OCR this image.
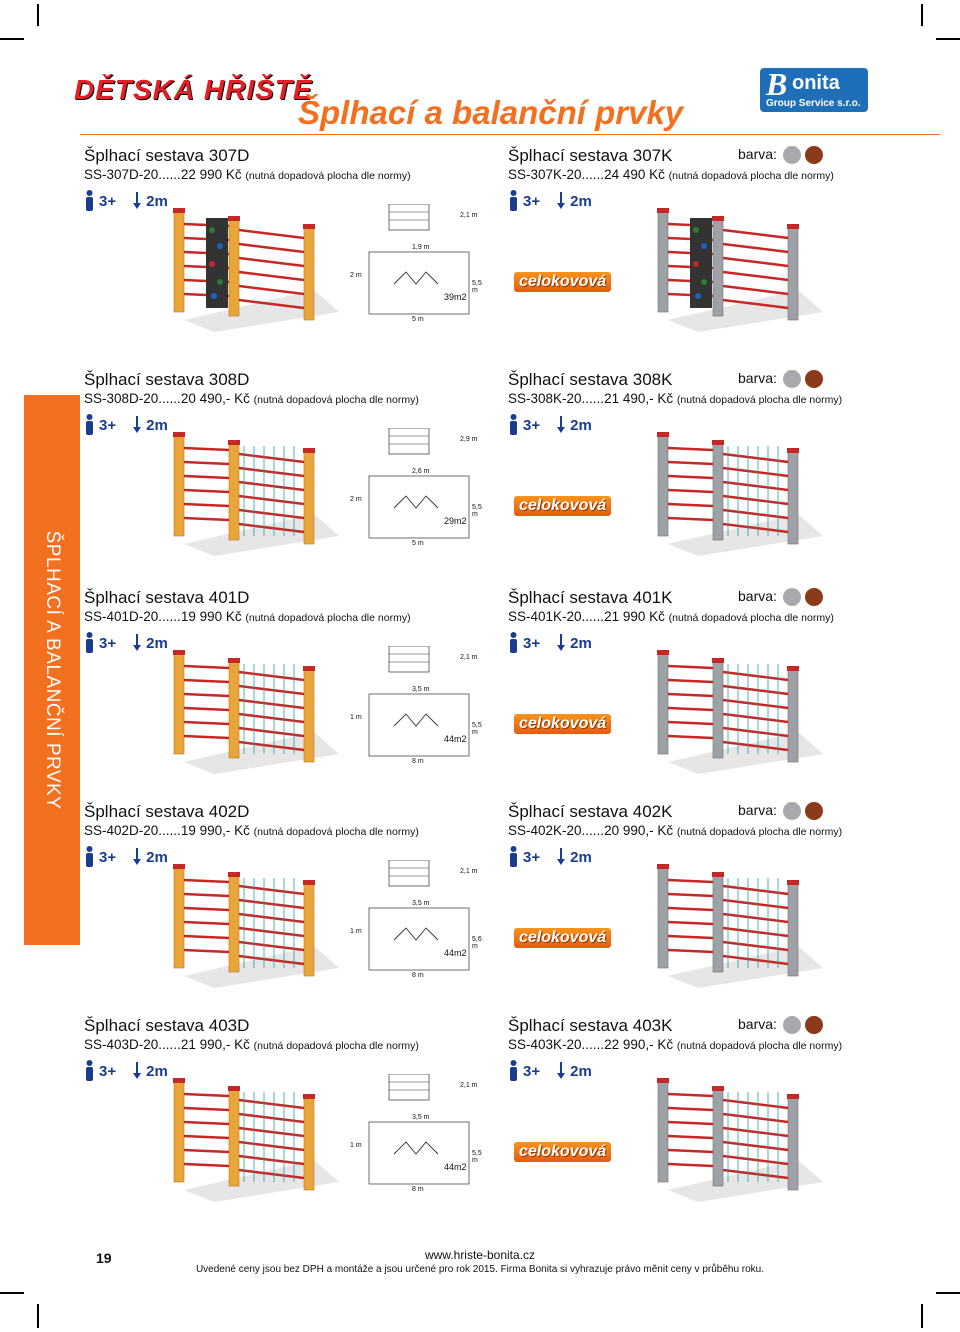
DĚTSKÁ HŘIŠTĚ
Šplhací a balanční prvky
B onita
Group Service s.r.o.
ŠPLHACÍ A BALANČNÍ PRVKY
Šplhací sestava 307D
SS-307D-20......22 990 Kč (nutná dopadová plocha dle normy)
3+ 2m
39m2
5 m
1,9 m
2,1 m
2 m
5,5 m
Šplhací sestava 307K
SS-307K-20......24 490 Kč (nutná dopadová plocha dle normy)
3+ 2m
barva:
celokovová
Šplhací sestava 308D
SS-308D-20......20 490,- Kč (nutná dopadová plocha dle normy)
3+ 2m
29m2
5 m
2,6 m
2,9 m
2 m
5,5 m
Šplhací sestava 308K
SS-308K-20......21 490,- Kč (nutná dopadová plocha dle normy)
3+ 2m
barva:
celokovová
Šplhací sestava 401D
SS-401D-20......19 990 Kč (nutná dopadová plocha dle normy)
3+ 2m
44m2
8 m
3,5 m
2,1 m
1 m
5,5 m
Šplhací sestava 401K
SS-401K-20......21 990 Kč (nutná dopadová plocha dle normy)
3+ 2m
barva:
celokovová
Šplhací sestava 402D
SS-402D-20......19 990,- Kč (nutná dopadová plocha dle normy)
3+ 2m
44m2
8 m
3,5 m
2,1 m
1 m
5,6 m
Šplhací sestava 402K
SS-402K-20......20 990,- Kč (nutná dopadová plocha dle normy)
3+ 2m
barva:
celokovová
Šplhací sestava 403D
SS-403D-20......21 990,- Kč (nutná dopadová plocha dle normy)
3+ 2m
44m2
8 m
3,5 m
2,1 m
1 m
5,5 m
Šplhací sestava 403K
SS-403K-20......22 990,- Kč (nutná dopadová plocha dle normy)
3+ 2m
barva:
celokovová
19	www.hriste-bonita.cz
Uvedené ceny jsou bez DPH a montáže a jsou určené pro rok 2015. Firma Bonita si vyhrazuje právo měnit ceny v průběhu roku.
